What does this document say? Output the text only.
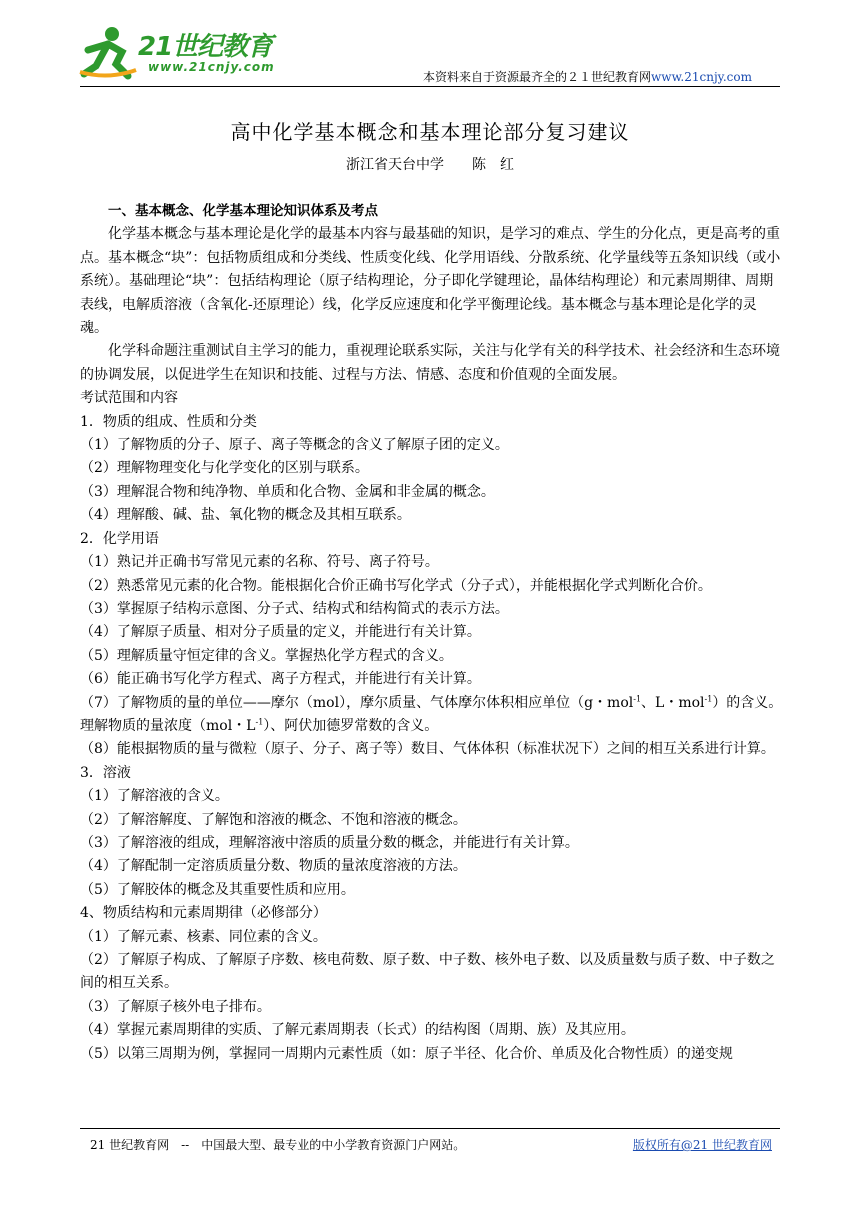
21世纪教育
www.21cnjy.com
本资料来自于资源最齐全的２１世纪教育网www.21cnjy.com
高中化学基本概念和基本理论部分复习建议
浙江省天台中学 陈　红

一、基本概念、化学基本理论知识体系及考点

化学基本概念与基本理论是化学的最基本内容与最基础的知识，是学习的难点、学生的分化点，更是高考的重点。基本概念“块”：包括物质组成和分类线、性质变化线、化学用语线、分散系统、化学量线等五条知识线（或小系统）。基础理论“块”：包括结构理论（原子结构理论，分子即化学键理论，晶体结构理论）和元素周期律、周期表线，电解质溶液（含氧化-还原理论）线，化学反应速度和化学平衡理论线。基本概念与基本理论是化学的灵魂。

化学科命题注重测试自主学习的能力，重视理论联系实际，关注与化学有关的科学技术、社会经济和生态环境的协调发展，以促进学生在知识和技能、过程与方法、情感、态度和价值观的全面发展。

考试范围和内容

1．物质的组成、性质和分类

（1）了解物质的分子、原子、离子等概念的含义了解原子团的定义。

（2）理解物理变化与化学变化的区别与联系。

（3）理解混合物和纯净物、单质和化合物、金属和非金属的概念。

（4）理解酸、碱、盐、氧化物的概念及其相互联系。

2．化学用语

（1）熟记并正确书写常见元素的名称、符号、离子符号。

（2）熟悉常见元素的化合物。能根据化合价正确书写化学式（分子式），并能根据化学式判断化合价。

（3）掌握原子结构示意图、分子式、结构式和结构简式的表示方法。

（4）了解原子质量、相对分子质量的定义，并能进行有关计算。

（5）理解质量守恒定律的含义。掌握热化学方程式的含义。

（6）能正确书写化学方程式、离子方程式，并能进行有关计算。

（7）了解物质的量的单位——摩尔（mol），摩尔质量、气体摩尔体积相应单位（g・mol$^{-1}$、L・mol$^{-1}$）的含义。理解物质的量浓度（mol・$L^{-1}$）、阿伏加德罗常数的含义。

（8）能根据物质的量与微粒（原子、分子、离子等）数目、气体体积（标准状况下）之间的相互关系进行计算。

3．溶液

（1）了解溶液的含义。

（2）了解溶解度、了解饱和溶液的概念、不饱和溶液的概念。

（3）了解溶液的组成，理解溶液中溶质的质量分数的概念，并能进行有关计算。

（4）了解配制一定溶质质量分数、物质的量浓度溶液的方法。

（5）了解胶体的概念及其重要性质和应用。

4、物质结构和元素周期律（必修部分）

（1）了解元素、核素、同位素的含义。

（2）了解原子构成、了解原子序数、核电荷数、原子数、中子数、核外电子数、以及质量数与质子数、中子数之间的相互关系。

（3）了解原子核外电子排布。

（4）掌握元素周期律的实质、了解元素周期表（长式）的结构图（周期、族）及其应用。

（5）以第三周期为例，掌握同一周期内元素性质（如：原子半径、化合价、单质及化合物性质）的递变规

21 世纪教育网　--　中国最大型、最专业的中小学教育资源门户网站。	版权所有@21 世纪教育网
